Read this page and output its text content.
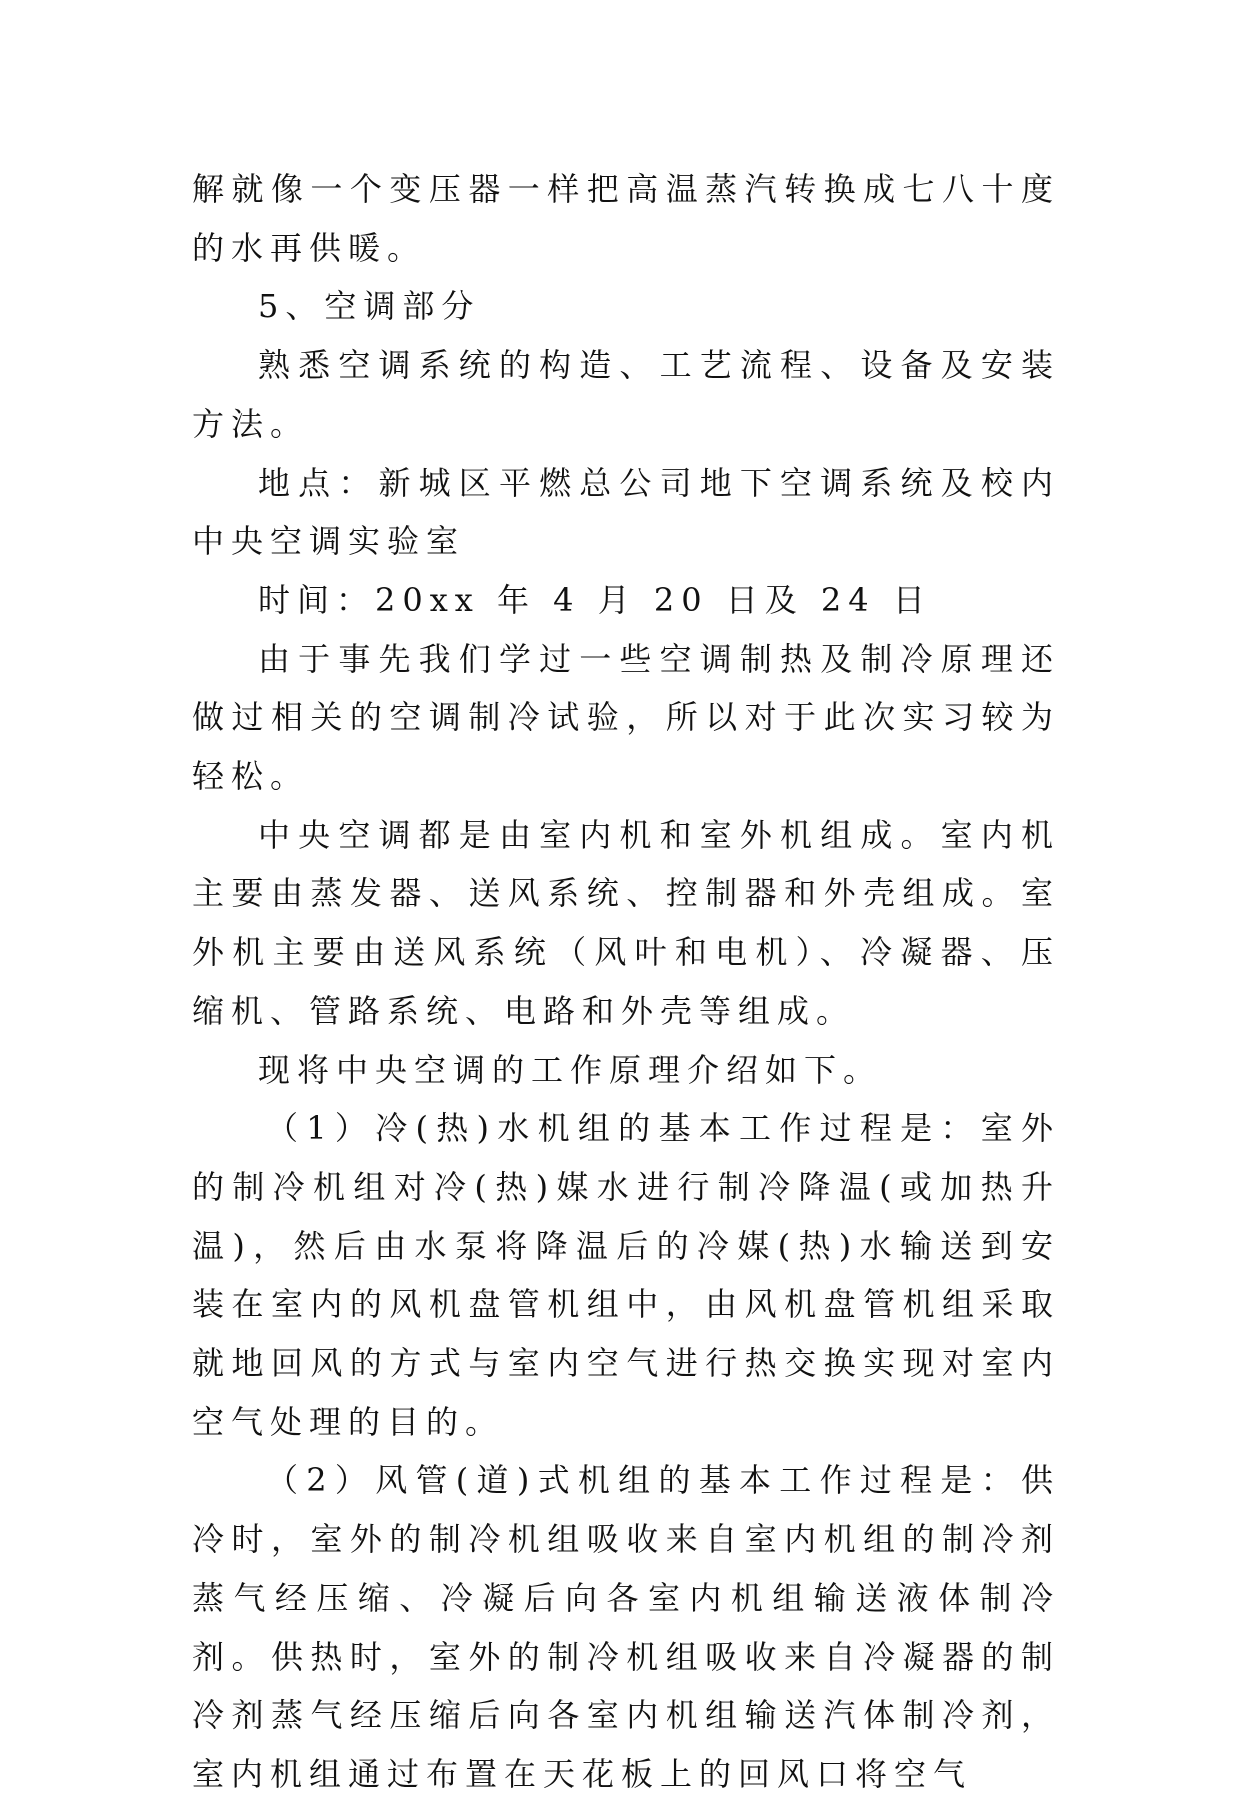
解就像一个变压器一样把高温蒸汽转换成七八十度的水再供暖。

5、空调部分

熟悉空调系统的构造、工艺流程、设备及安装方法。

地点：新城区平燃总公司地下空调系统及校内中央空调实验室

时间：20xx 年 4 月 20 日及 24 日

由于事先我们学过一些空调制热及制冷原理还做过相关的空调制冷试验，所以对于此次实习较为轻松。

中央空调都是由室内机和室外机组成。室内机主要由蒸发器、送风系统、控制器和外壳组成。室外机主要由送风系统（风叶和电机）、冷凝器、压缩机、管路系统、电路和外壳等组成。

现将中央空调的工作原理介绍如下。

（1）冷(热)水机组的基本工作过程是：室外的制冷机组对冷(热)媒水进行制冷降温(或加热升温)，然后由水泵将降温后的冷媒(热)水输送到安装在室内的风机盘管机组中，由风机盘管机组采取就地回风的方式与室内空气进行热交换实现对室内空气处理的目的。

（2）风管(道)式机组的基本工作过程是：供冷时，室外的制冷机组吸收来自室内机组的制冷剂蒸气经压缩、冷凝后向各室内机组输送液体制冷剂。供热时，室外的制冷机组吸收来自冷凝器的制冷剂蒸气经压缩后向各室内机组输送汽体制冷剂，室内机组通过布置在天花板上的回风口将空气
